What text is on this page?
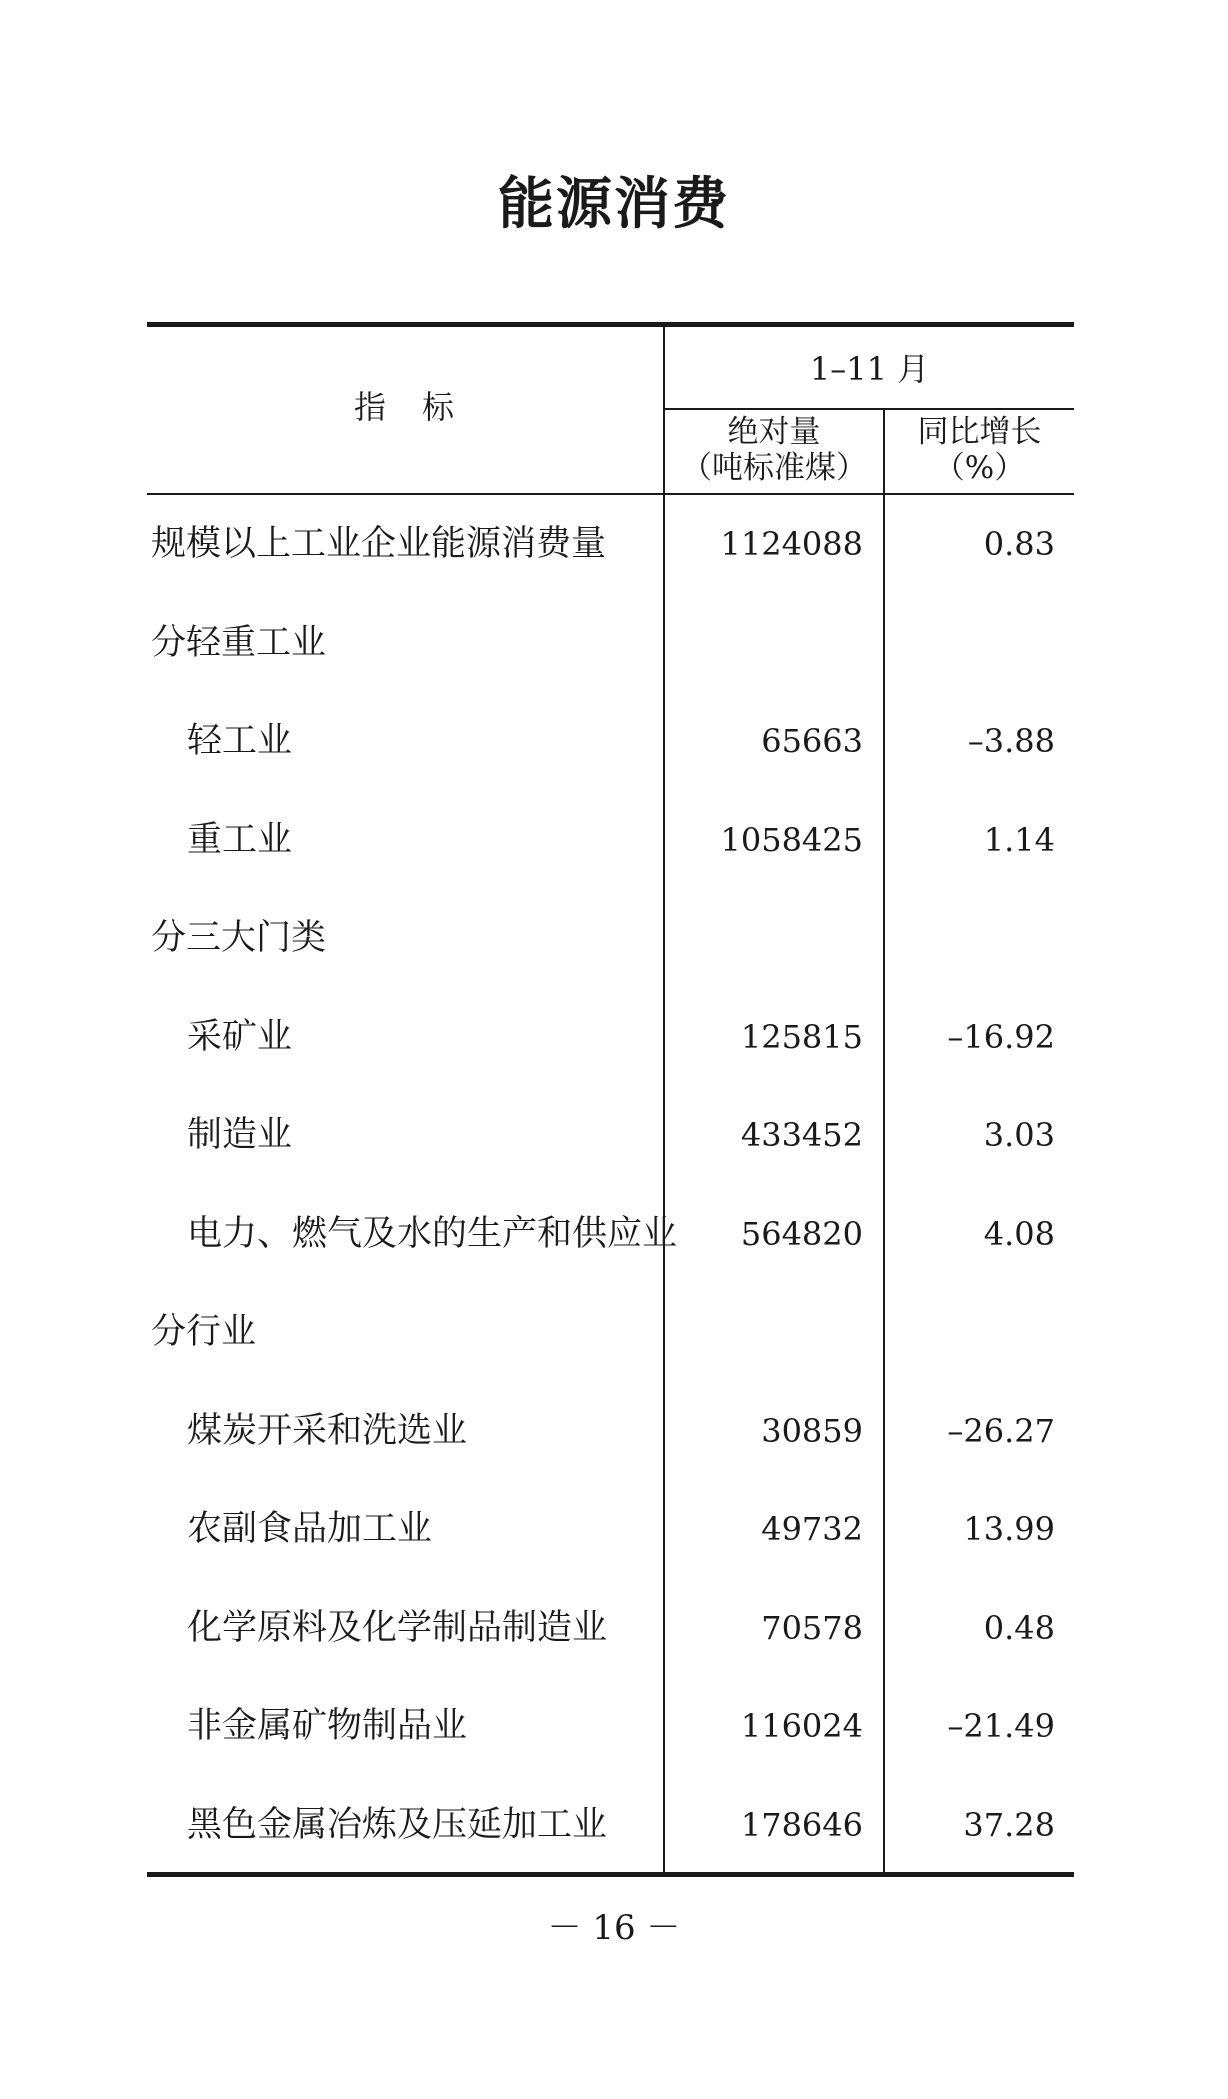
能源消费
指　标
1–11 月
绝对量
（吨标准煤）
同比增长
（%）
规模以上工业企业能源消费量	1124088	0.83
分轻重工业
轻工业	65663	–3.88
重工业	1058425	1.14
分三大门类
采矿业	125815	–16.92
制造业	433452	3.03
电力、燃气及水的生产和供应业	564820	4.08
分行业
煤炭开采和洗选业	30859	–26.27
农副食品加工业	49732	13.99
化学原料及化学制品制造业	70578	0.48
非金属矿物制品业	116024	–21.49
黑色金属冶炼及压延加工业	178646	37.28
－ 16 －
